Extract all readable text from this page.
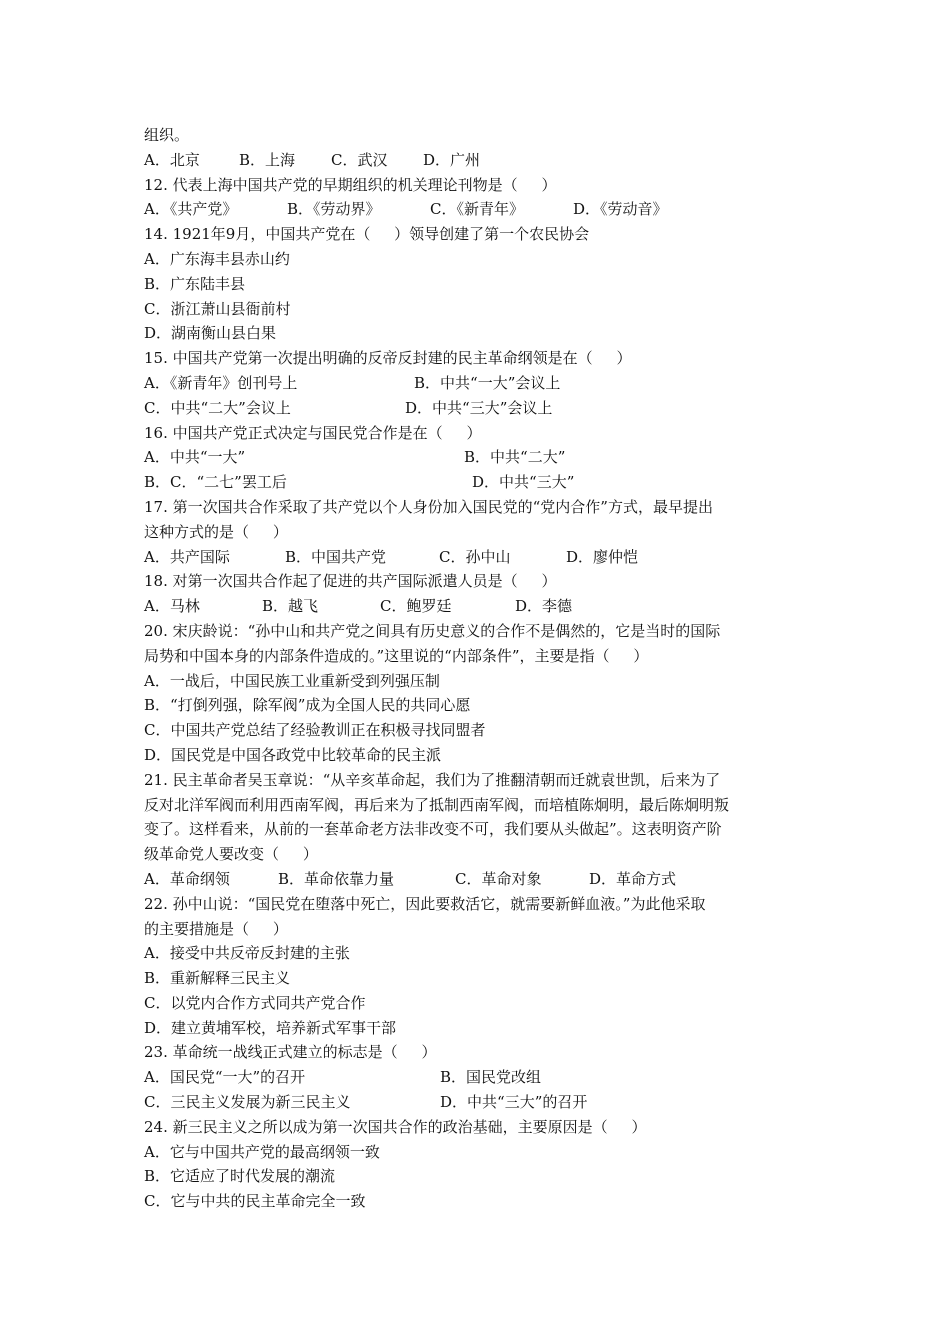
组织。
A．北京	B．上海	C．武汉	D．广州
12. 代表上海中国共产党的早期组织的机关理论刊物是（     ）
A．《共产党》	B．《劳动界》	C．《新青年》	D．《劳动音》
14. 1921年9月，中国共产党在（     ）领导创建了第一个农民协会
A．广东海丰县赤山约
B．广东陆丰县
C．浙江萧山县衙前村
D．湖南衡山县白果
15. 中国共产党第一次提出明确的反帝反封建的民主革命纲领是在（     ）
A．《新青年》创刊号上	B．中共“一大”会议上
C．中共“二大”会议上	D．中共“三大”会议上
16. 中国共产党正式决定与国民党合作是在（     ）
A．中共“一大”	B．中共“二大”
B．C．“二七”罢工后	D．中共“三大”
17. 第一次国共合作采取了共产党以个人身份加入国民党的“党内合作”方式，最早提出
这种方式的是（     ）
A．共产国际	B．中国共产党	C．孙中山	D．廖仲恺
18. 对第一次国共合作起了促进的共产国际派遣人员是（     ）
A．马林	B．越飞	C．鲍罗廷	D．李德
20. 宋庆龄说：“孙中山和共产党之间具有历史意义的合作不是偶然的，它是当时的国际
局势和中国本身的内部条件造成的。”这里说的“内部条件”，主要是指（     ）
A．一战后，中国民族工业重新受到列强压制
B．“打倒列强，除军阀”成为全国人民的共同心愿
C．中国共产党总结了经验教训正在积极寻找同盟者
D．国民党是中国各政党中比较革命的民主派
21. 民主革命者吴玉章说：“从辛亥革命起，我们为了推翻清朝而迁就袁世凯，后来为了
反对北洋军阀而利用西南军阀，再后来为了抵制西南军阀，而培植陈炯明，最后陈炯明叛
变了。这样看来，从前的一套革命老方法非改变不可，我们要从头做起”。这表明资产阶
级革命党人要改变（     ）
A．革命纲领	B．革命依靠力量	C．革命对象	D．革命方式
22. 孙中山说：“国民党在堕落中死亡，因此要救活它，就需要新鲜血液。”为此他采取
的主要措施是（     ）
A．接受中共反帝反封建的主张
B．重新解释三民主义
C．以党内合作方式同共产党合作
D．建立黄埔军校，培养新式军事干部
23. 革命统一战线正式建立的标志是（     ）
A．国民党“一大”的召开	B．国民党改组
C．三民主义发展为新三民主义	D．中共“三大”的召开
24. 新三民主义之所以成为第一次国共合作的政治基础，主要原因是（     ）
A．它与中国共产党的最高纲领一致
B．它适应了时代发展的潮流
C．它与中共的民主革命完全一致
